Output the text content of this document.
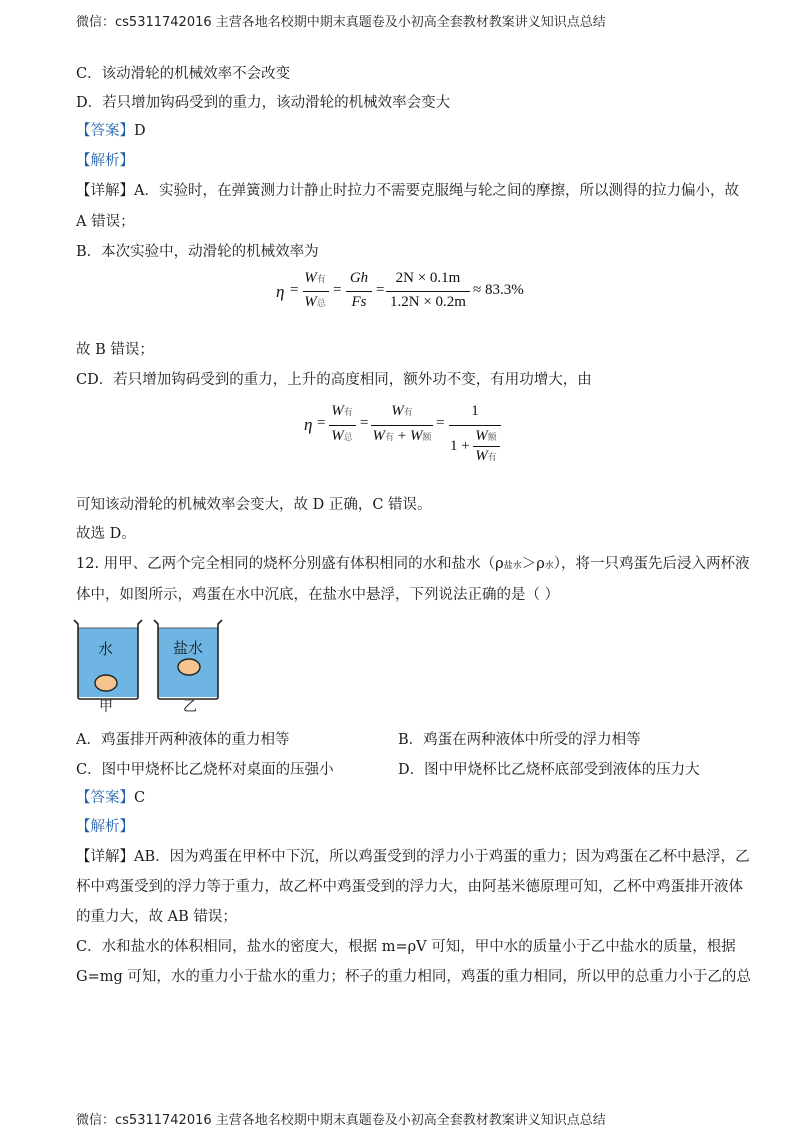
微信：cs5311742016 主营各地名校期中期末真题卷及小初高全套教材教案讲义知识点总结
C．该动滑轮的机械效率不会改变
D．若只增加钩码受到的重力，该动滑轮的机械效率会变大
【答案】D
【解析】
【详解】A．实验时，在弹簧测力计静止时拉力不需要克服绳与轮之间的摩擦，所以测得的拉力偏小，故
A 错误；
B．本次实验中，动滑轮的机械效率为
η =
W有
W总
=
Gh
Fs
=
2N × 0.1m
1.2N × 0.2m
≈ 83.3%
故 B 错误；
CD．若只增加钩码受到的重力，上升的高度相同，额外功不变，有用功增大，由
η =
W有
W总
=
W有
W有 + W额
=
1
1 +
W额
W有
可知该动滑轮的机械效率会变大，故 D 正确，C 错误。
故选 D。
12. 用甲、乙两个完全相同的烧杯分别盛有体积相同的水和盐水（ρ盐水＞ρ水），将一只鸡蛋先后浸入两杯液
体中，如图所示，鸡蛋在水中沉底，在盐水中悬浮，下列说法正确的是（ ）
水	盐水
甲	乙
A．鸡蛋排开两种液体的重力相等	B．鸡蛋在两种液体中所受的浮力相等
C．图中甲烧杯比乙烧杯对桌面的压强小	D．图中甲烧杯比乙烧杯底部受到液体的压力大
【答案】C
【解析】
【详解】AB．因为鸡蛋在甲杯中下沉，所以鸡蛋受到的浮力小于鸡蛋的重力；因为鸡蛋在乙杯中悬浮，乙
杯中鸡蛋受到的浮力等于重力，故乙杯中鸡蛋受到的浮力大，由阿基米德原理可知，乙杯中鸡蛋排开液体
的重力大，故 AB 错误；
C．水和盐水的体积相同，盐水的密度大，根据 m=ρV 可知，甲中水的质量小于乙中盐水的质量，根据
G=mg 可知，水的重力小于盐水的重力；杯子的重力相同，鸡蛋的重力相同，所以甲的总重力小于乙的总
微信：cs5311742016 主营各地名校期中期末真题卷及小初高全套教材教案讲义知识点总结
